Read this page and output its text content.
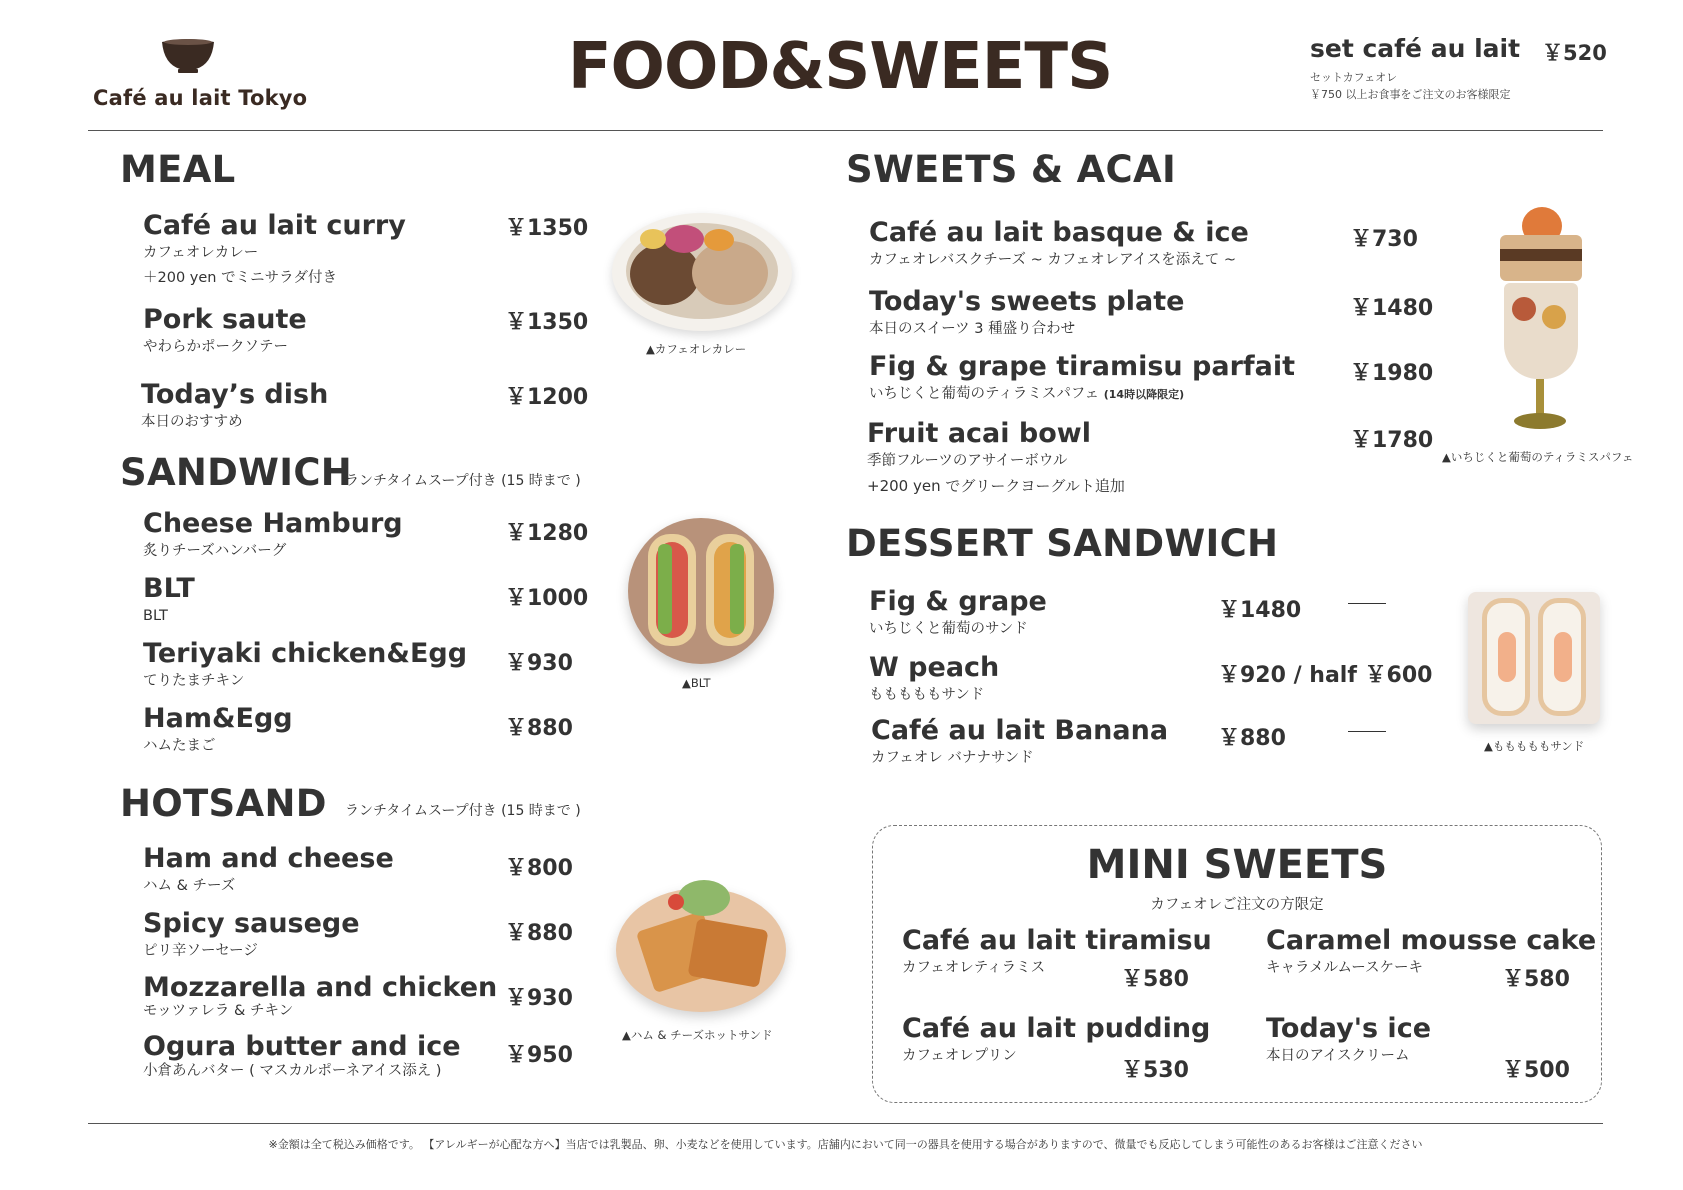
Café au lait Tokyo	FOOD&SWEETS	set café au lait	￥520
セットカフェオレ
￥750 以上お食事をご注文のお客様限定
MEAL
Café au lait curry
カフェオレカレー
＋200 yen でミニサラダ付き
￥1350
Pork saute
やわらかポークソテー
￥1350
Today’s dish
本日のおすすめ
￥1200
▲カフェオレカレー
SANDWICH
ランチタイムスープ付き (15 時まで )
Cheese Hamburg
炙りチーズハンバーグ
￥1280
BLT
BLT
￥1000
Teriyaki chicken&Egg
てりたまチキン
￥930
Ham&Egg
ハムたまご
￥880
▲BLT
HOTSAND ランチタイムスープ付き (15 時まで )
Ham and cheese
ハム & チーズ
￥800
Spicy sausege
ピリ辛ソーセージ
￥880
Mozzarella and chicken
モッツァレラ & チキン	￥930
Ogura butter and ice
小倉あんバター ( マスカルポーネアイス添え )
￥950
▲ハム & チーズホットサンド
SWEETS & ACAI
Café au lait basque & ice
カフェオレバスクチーズ ~ カフェオレアイスを添えて ~
￥730
Today's sweets plate
本日のスイーツ 3 種盛り合わせ
￥1480
Fig & grape tiramisu parfait
いちじくと葡萄のティラミスパフェ (14時以降限定)
￥1980
Fruit acai bowl
季節フルーツのアサイーボウル
+200 yen でグリークヨーグルト追加
￥1780
▲いちじくと葡萄のティラミスパフェ
DESSERT SANDWICH
Fig & grape
いちじくと葡萄のサンド
￥1480
W peach
もももももサンド
￥920 / half ￥600
Café au lait Banana
カフェオレ バナナサンド
￥880	▲もももももサンド
MINI SWEETS
カフェオレご注文の方限定
Café au lait tiramisu
カフェオレティラミス	￥580
Caramel mousse cake
キャラメルムースケーキ	￥580
Café au lait pudding
カフェオレプリン
￥530
Today's ice
本日のアイスクリーム
￥500
※金額は全て税込み価格です。 【アレルギーが心配な方へ】当店では乳製品、卵、小麦などを使用しています。店舗内において同一の器具を使用する場合がありますので、微量でも反応してしまう可能性のあるお客様はご注意ください
